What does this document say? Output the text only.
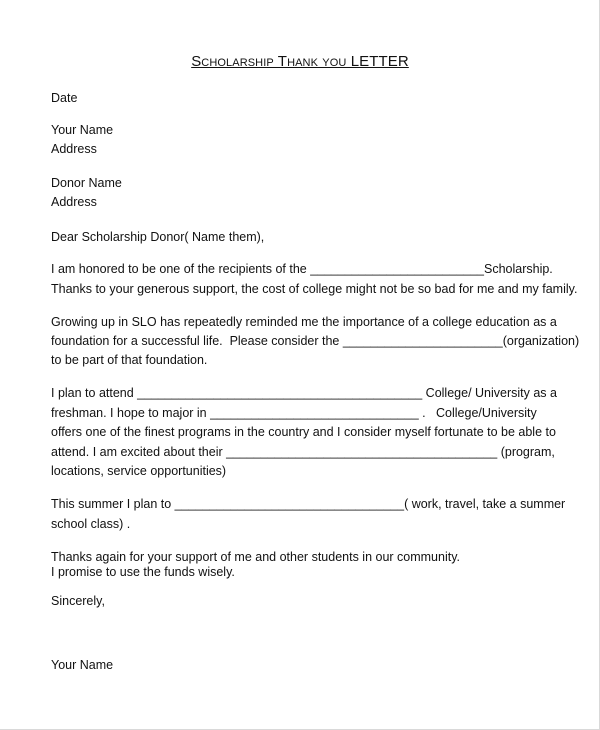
Scholarship Thank you LETTER
Date
Your Name
Address
Donor Name
Address
Dear Scholarship Donor( Name them),
I am honored to be one of the recipients of the _________________________Scholarship.
Thanks to your generous support, the cost of college might not be so bad for me and my family.
Growing up in SLO has repeatedly reminded me the importance of a college education as a
foundation for a successful life.  Please consider the _______________________(organization)
to be part of that foundation.
I plan to attend _________________________________________ College/ University as a
freshman. I hope to major in ______________________________ .   College/University
offers one of the finest programs in the country and I consider myself fortunate to be able to
attend. I am excited about their _______________________________________ (program,
locations, service opportunities)
This summer I plan to _________________________________( work, travel, take a summer
school class) .
Thanks again for your support of me and other students in our community.
I promise to use the funds wisely.
Sincerely,
Your Name
